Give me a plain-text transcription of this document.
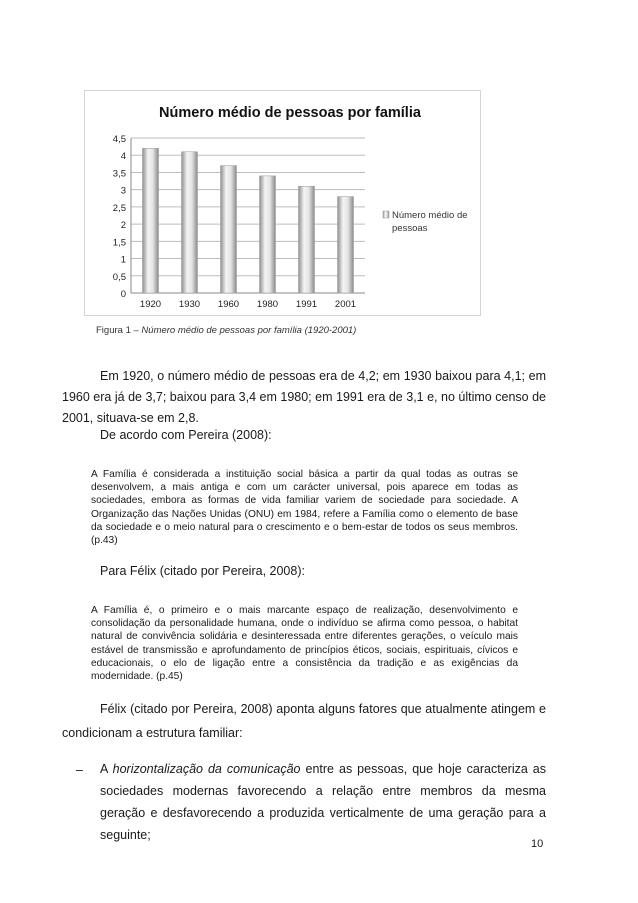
Número médio de pessoas por família
0
0,5
1
1,5
2
2,5
3
3,5
4
4,5
1920 1930 1960 1980 1991 2001
Número médio de
pessoas
Figura 1 – Número médio de pessoas por família (1920-2001)
Em 1920, o número médio de pessoas era de 4,2; em 1930 baixou para 4,1; em 1960 era já de 3,7; baixou para 3,4 em 1980; em 1991 era de 3,1 e, no último censo de 2001, situava-se em 2,8.
De acordo com Pereira (2008):
A Família é considerada a instituição social básica a partir da qual todas as outras se desenvolvem, a mais antiga e com um carácter universal, pois aparece em todas as sociedades, embora as formas de vida familiar variem de sociedade para sociedade. A Organização das Nações Unidas (ONU) em 1984, refere a Família como o elemento de base da sociedade e o meio natural para o crescimento e o bem-estar de todos os seus membros. (p.43)
Para Félix (citado por Pereira, 2008):
A Família é, o primeiro e o mais marcante espaço de realização, desenvolvimento e consolidação da personalidade humana, onde o indivíduo se afirma como pessoa, o habitat natural de convivência solidária e desinteressada entre diferentes gerações, o veículo mais estável de transmissão e aprofundamento de princípios éticos, sociais, espirituais, cívicos e educacionais, o elo de ligação entre a consistência da tradição e as exigências da modernidade. (p.45)
Félix (citado por Pereira, 2008) aponta alguns fatores que atualmente atingem e condicionam a estrutura familiar:
– A horizontalização da comunicação entre as pessoas, que hoje caracteriza as sociedades modernas favorecendo a relação entre membros da mesma geração e desfavorecendo a produzida verticalmente de uma geração para a seguinte;
10
